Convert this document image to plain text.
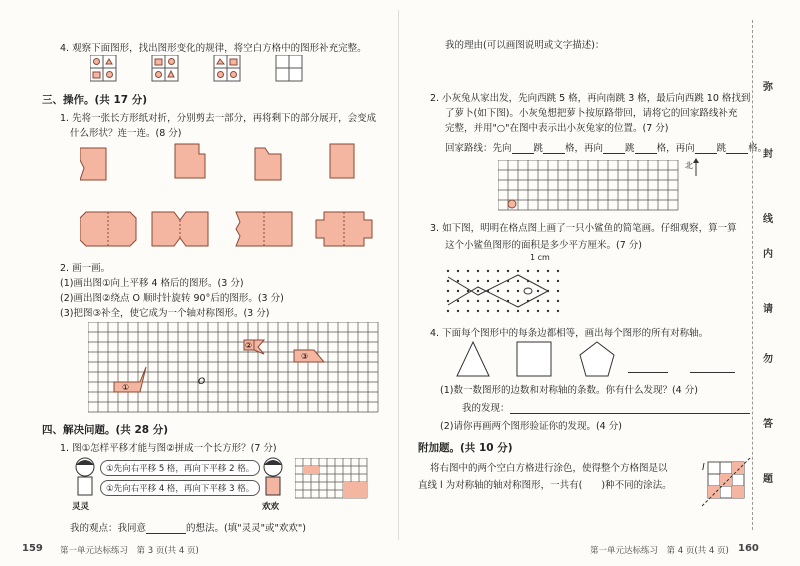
4. 观察下面图形，找出图形变化的规律，将空白方格中的图形补充完整。
三、操作。(共 17 分)
1. 先将一张长方形纸对折，分别剪去一部分，再将剩下的部分展开，会变成
什么形状？连一连。(8 分)
2. 画一画。
(1)画出图①向上平移 4 格后的图形。(3 分)
(2)画出图②绕点 O 顺时针旋转 90°后的图形。(3 分)
(3)把图③补全，使它成为一个轴对称图形。(3 分)
①
②
③
O
四、解决问题。(共 28 分)
1. 图①怎样平移才能与图②拼成一个长方形？(7 分)
①先向右平移 5 格，再向下平移 2 格。
①先向右平移 4 格，再向下平移 3 格。
灵灵	欢欢
我的观点：我同意	的想法。(填"灵灵"或"欢欢")
159 第一单元达标练习　第 3 页(共 4 页)
我的理由(可以画图说明或文字描述)：
2. 小灰兔从家出发，先向西跳 5 格，再向南跳 3 格，最后向西跳 10 格找到
了萝卜(如下图)。小灰兔想把萝卜按原路带回，请将它的回家路线补充
完整，并用"○"在图中表示出小灰兔家的位置。(7 分)
回家路线：先向 跳 格，再向 跳 格，再向 跳 格。
北
3. 如下图，明明在格点图上画了一只小鲨鱼的简笔画。仔细观察，算一算
这个小鲨鱼图形的面积是多少平方厘米。(7 分)
1 cm
4. 下面每个图形中的每条边都相等，画出每个图形的所有对称轴。
(1)数一数图形的边数和对称轴的条数。你有什么发现？(4 分)
我的发现：
(2)请你再画两个图形验证你的发现。(4 分)
附加题。(共 10 分)
将右图中的两个空白方格进行涂色，使得整个方格图是以
直线 l 为对称轴的轴对称图形，一共有(　　)种不同的涂法。
l
弥
封
线
内
请
勿
答
题
第一单元达标练习　第 4 页(共 4 页) 160
